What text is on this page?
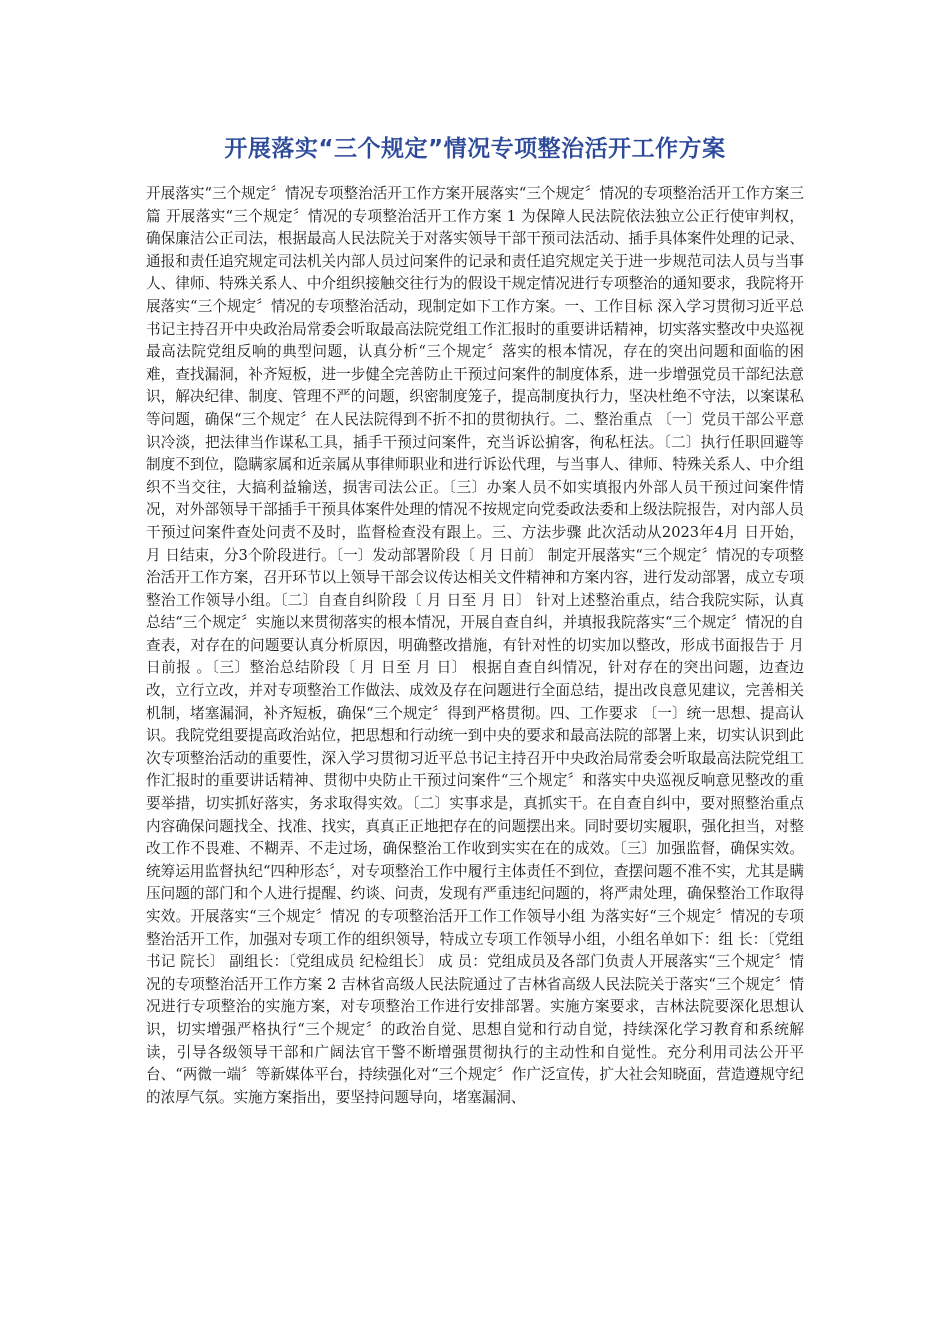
开展落实“三个规定”情况专项整治活开工作方案

开展落实“三个规定〞情况专项整治活开工作方案开展落实“三个规定〞情况的专项整治活开工作方案三篇 开展落实“三个规定〞情况的专项整治活开工作方案 1 为保障人民法院依法独立公正行使审判权，确保廉洁公正司法，根据最高人民法院关于对落实领导干部干预司法活动、插手具体案件处理的记录、通报和责任追究规定司法机关内部人员过问案件的记录和责任追究规定关于进一步规范司法人员与当事人、律师、特殊关系人、中介组织接触交往行为的假设干规定情况进行专项整治的通知要求，我院将开展落实“三个规定〞情况的专项整治活动，现制定如下工作方案。一、工作目标 深入学习贯彻习近平总书记主持召开中央政治局常委会听取最高法院党组工作汇报时的重要讲话精神，切实落实整改中央巡视最高法院党组反响的典型问题，认真分析“三个规定〞落实的根本情况，存在的突出问题和面临的困难，查找漏洞，补齐短板，进一步健全完善防止干预过问案件的制度体系，进一步增强党员干部纪法意识，解决纪律、制度、管理不严的问题，织密制度笼子，提高制度执行力，坚决杜绝不守法，以案谋私等问题，确保“三个规定〞在人民法院得到不折不扣的贯彻执行。二、整治重点 〔一〕党员干部公平意识冷淡，把法律当作谋私工具，插手干预过问案件，充当诉讼掮客，徇私枉法。〔二〕执行任职回避等制度不到位，隐瞒家属和近亲属从事律师职业和进行诉讼代理，与当事人、律师、特殊关系人、中介组织不当交往，大搞利益输送，损害司法公正。〔三〕办案人员不如实填报内外部人员干预过问案件情况，对外部领导干部插手干预具体案件处理的情况不按规定向党委政法委和上级法院报告，对内部人员干预过问案件查处问责不及时，监督检查没有跟上。三、方法步骤 此次活动从2023年4月 日开始， 月 日结束，分3个阶段进行。〔一〕发动部署阶段〔 月 日前〕 制定开展落实“三个规定〞情况的专项整治活开工作方案，召开环节以上领导干部会议传达相关文件精神和方案内容，进行发动部署，成立专项整治工作领导小组。〔二〕自查自纠阶段〔 月 日至 月 日〕 针对上述整治重点，结合我院实际，认真总结“三个规定〞实施以来贯彻落实的根本情况，开展自查自纠，并填报我院落实“三个规定〞情况的自查表，对存在的问题要认真分析原因，明确整改措施，有针对性的切实加以整改，形成书面报告于 月 日前报 。〔三〕整治总结阶段〔 月 日至 月 日〕 根据自查自纠情况，针对存在的突出问题，边查边改，立行立改，并对专项整治工作做法、成效及存在问题进行全面总结，提出改良意见建议，完善相关机制，堵塞漏洞，补齐短板，确保“三个规定〞得到严格贯彻。四、工作要求 〔一〕统一思想、提高认识。我院党组要提高政治站位，把思想和行动统一到中央的要求和最高法院的部署上来，切实认识到此次专项整治活动的重要性，深入学习贯彻习近平总书记主持召开中央政治局常委会听取最高法院党组工作汇报时的重要讲话精神、贯彻中央防止干预过问案件“三个规定〞和落实中央巡视反响意见整改的重要举措，切实抓好落实，务求取得实效。〔二〕实事求是，真抓实干。在自查自纠中，要对照整治重点内容确保问题找全、找准、找实，真真正正地把存在的问题摆出来。同时要切实履职，强化担当，对整改工作不畏难、不糊弄、不走过场，确保整治工作收到实实在在的成效。〔三〕加强监督，确保实效。统筹运用监督执纪“四种形态〞，对专项整治工作中履行主体责任不到位，查摆问题不准不实，尤其是瞒压问题的部门和个人进行提醒、约谈、问责，发现有严重违纪问题的，将严肃处理，确保整治工作取得实效。开展落实“三个规定〞情况 的专项整治活开工作工作领导小组 为落实好“三个规定〞情况的专项整治活开工作，加强对专项工作的组织领导，特成立专项工作领导小组，小组名单如下：组 长：〔党组书记 院长〕 副组长：〔党组成员 纪检组长〕 成 员：党组成员及各部门负责人开展落实“三个规定〞情况的专项整治活开工作方案 2 吉林省高级人民法院通过了吉林省高级人民法院关于落实“三个规定〞情况进行专项整治的实施方案，对专项整治工作进行安排部署。实施方案要求，吉林法院要深化思想认识，切实增强严格执行“三个规定〞的政治自觉、思想自觉和行动自觉，持续深化学习教育和系统解读，引导各级领导干部和广阔法官干警不断增强贯彻执行的主动性和自觉性。充分利用司法公开平台、“两微一端〞等新媒体平台，持续强化对“三个规定〞作广泛宣传，扩大社会知晓面，营造遵规守纪的浓厚气氛。实施方案指出，要坚持问题导向，堵塞漏洞、
